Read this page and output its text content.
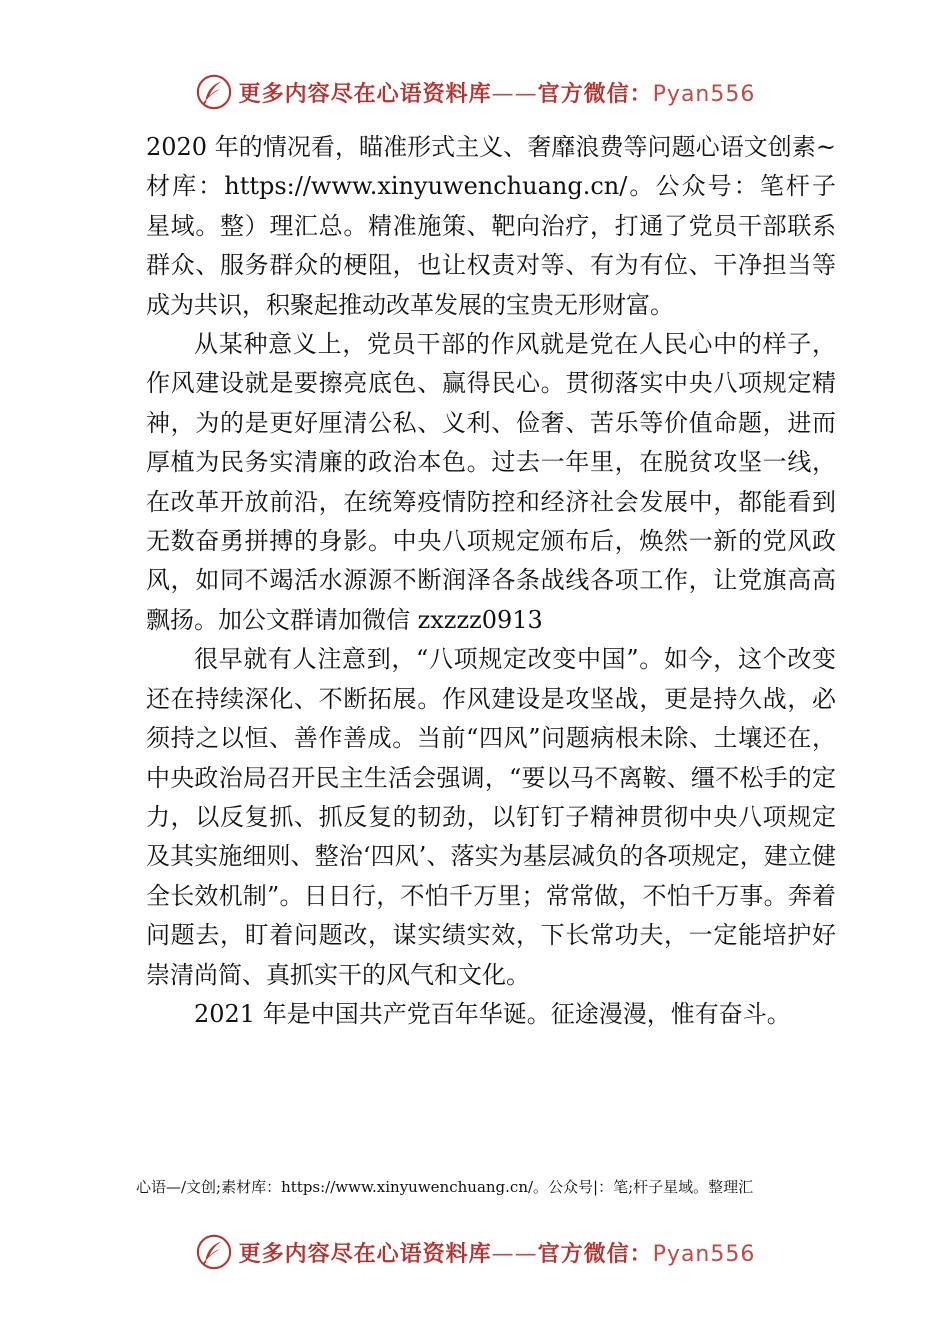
更多内容尽在心语资料库——官方微信：Pyan556

2020 年的情况看，瞄准形式主义、奢靡浪费等问题心语文创素~材库：https://www.xinyuwenchuang.cn/。公众号：笔杆子星域。整）理汇总。精准施策、靶向治疗，打通了党员干部联系群众、服务群众的梗阻，也让权责对等、有为有位、干净担当等成为共识，积聚起推动改革发展的宝贵无形财富。

从某种意义上，党员干部的作风就是党在人民心中的样子，作风建设就是要擦亮底色、赢得民心。贯彻落实中央八项规定精神，为的是更好厘清公私、义利、俭奢、苦乐等价值命题，进而厚植为民务实清廉的政治本色。过去一年里，在脱贫攻坚一线，在改革开放前沿，在统筹疫情防控和经济社会发展中，都能看到无数奋勇拼搏的身影。中央八项规定颁布后，焕然一新的党风政风，如同不竭活水源源不断润泽各条战线各项工作，让党旗高高飘扬。加公文群请加微信 zxzzz0913

很早就有人注意到，“八项规定改变中国”。如今，这个改变还在持续深化、不断拓展。作风建设是攻坚战，更是持久战，必须持之以恒、善作善成。当前“四风”问题病根未除、土壤还在，中央政治局召开民主生活会强调，“要以马不离鞍、缰不松手的定力，以反复抓、抓反复的韧劲，以钉钉子精神贯彻中央八项规定及其实施细则、整治‘四风’、落实为基层减负的各项规定，建立健全长效机制”。日日行，不怕千万里；常常做，不怕千万事。奔着问题去，盯着问题改，谋实绩实效，下长常功夫，一定能培护好崇清尚简、真抓实干的风气和文化。

2021 年是中国共产党百年华诞。征途漫漫，惟有奋斗。

心语—/文创;素材库：https://www.xinyuwenchuang.cn/。公众号|：笔;杆子星域。整理汇
更多内容尽在心语资料库——官方微信：Pyan556
